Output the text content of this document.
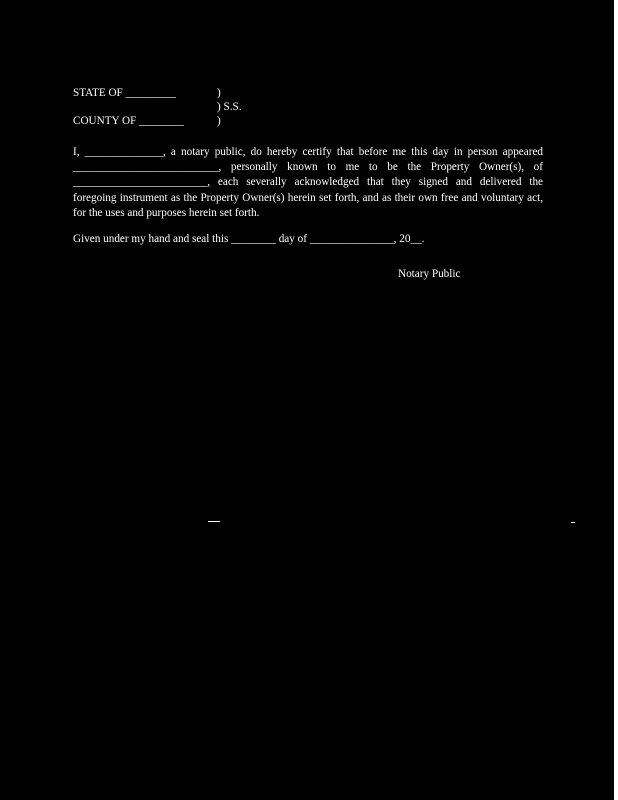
STATE OF _________
COUNTY OF ________
)
) S.S.
)

I, ______________, a notary public, do hereby certify that before me this day in person appeared __________________________, personally known to me to be the Property Owner(s), of ________________________, each severally acknowledged that they signed and delivered the foregoing instrument as the Property Owner(s) herein set forth, and as their own free and voluntary act, for the uses and purposes herein set forth.

Given under my hand and seal this ________ day of _______________, 20__.
Notary Public
